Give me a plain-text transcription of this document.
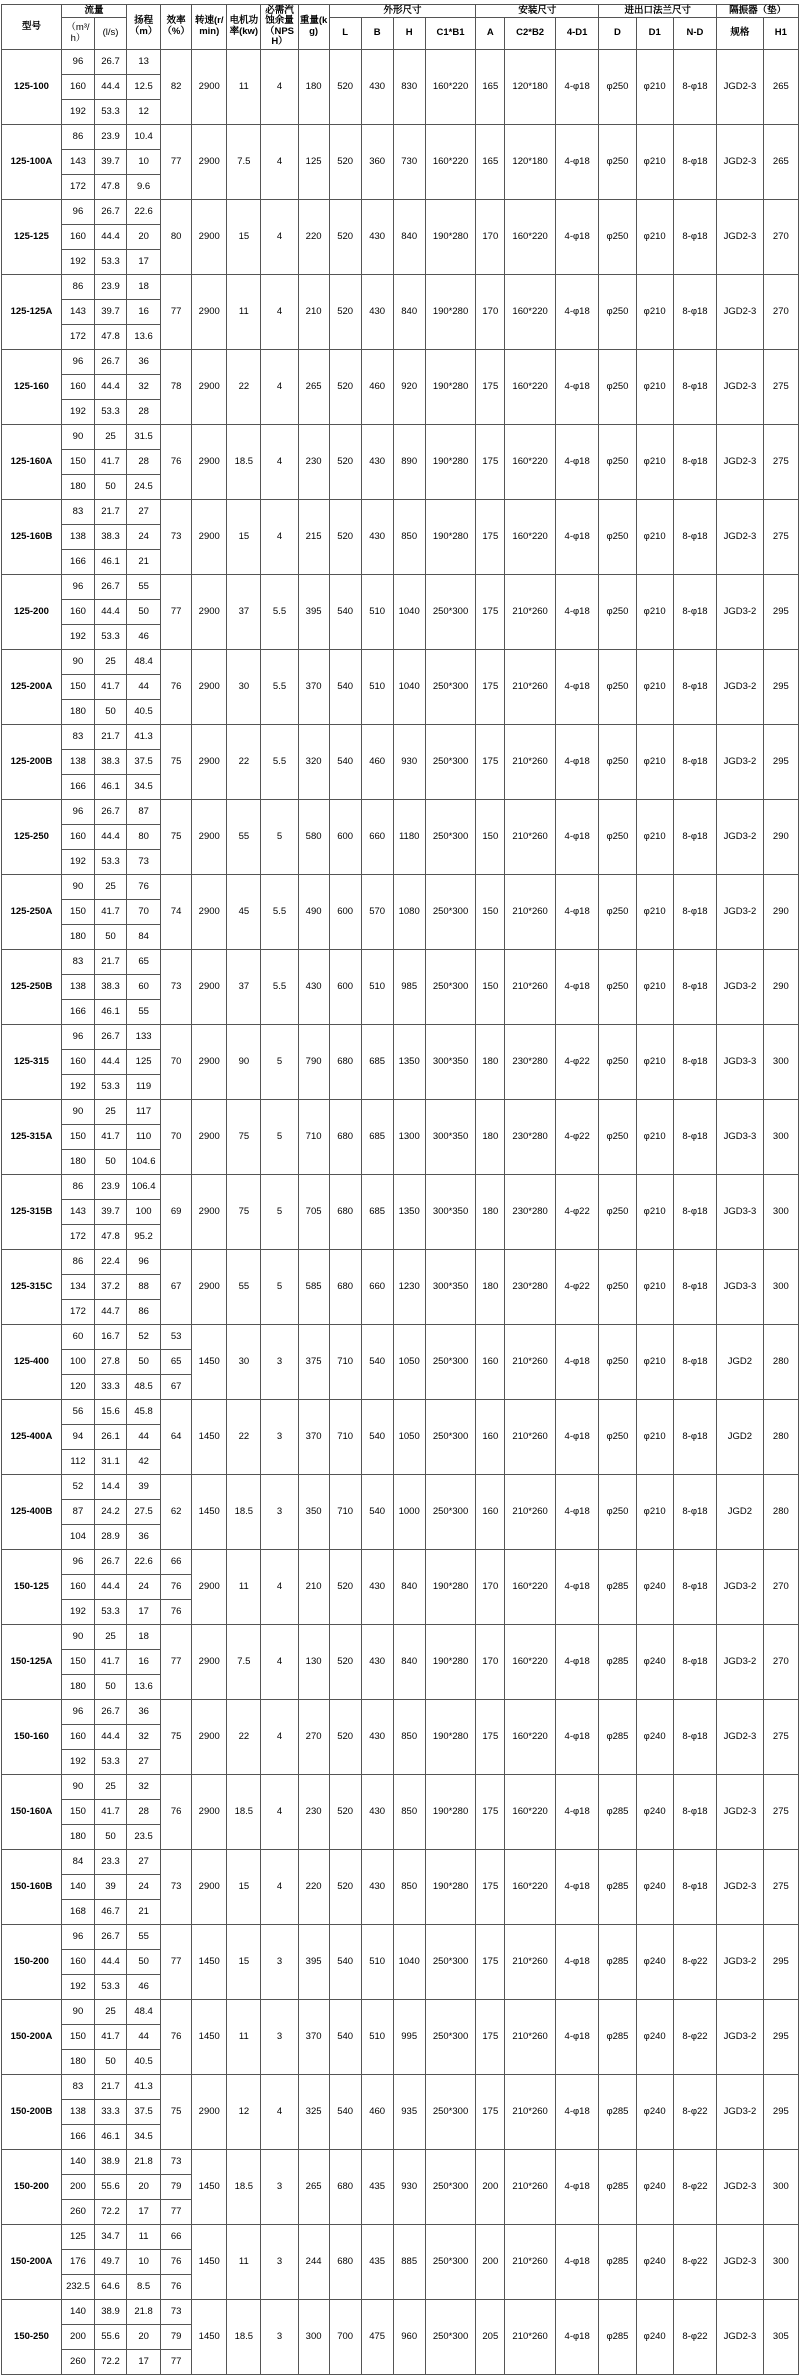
型号	流量		扬程（m）	效率（%）	转速(r/min)	电机功率(kw)	必需汽蚀余量（NPSH）	重量(kg)	外形尺寸				安装尺寸			进出口法兰尺寸			隔振器（垫）	
	（m³/h）	(l/s)							L	B	H	C1*B1	A	C2*B2	4-D1	D	D1	N-D	规格	H1

125-100	96	26.7	13	82	2900	11	4	180	520	430	830	160*220	165	120*180	4-φ18	φ250	φ210	8-φ18	JGD2-3	265
	160	44.4	12.5																	
	192	53.3	12																	
125-100A	86	23.9	10.4	77	2900	7.5	4	125	520	360	730	160*220	165	120*180	4-φ18	φ250	φ210	8-φ18	JGD2-3	265
	143	39.7	10																	
	172	47.8	9.6																	
125-125	96	26.7	22.6	80	2900	15	4	220	520	430	840	190*280	170	160*220	4-φ18	φ250	φ210	8-φ18	JGD2-3	270
	160	44.4	20																	
	192	53.3	17																	
125-125A	86	23.9	18	77	2900	11	4	210	520	430	840	190*280	170	160*220	4-φ18	φ250	φ210	8-φ18	JGD2-3	270
	143	39.7	16																	
	172	47.8	13.6																	
125-160	96	26.7	36	78	2900	22	4	265	520	460	920	190*280	175	160*220	4-φ18	φ250	φ210	8-φ18	JGD2-3	275
	160	44.4	32																	
	192	53.3	28																	
125-160A	90	25	31.5	76	2900	18.5	4	230	520	430	890	190*280	175	160*220	4-φ18	φ250	φ210	8-φ18	JGD2-3	275
	150	41.7	28																	
	180	50	24.5																	
125-160B	83	21.7	27	73	2900	15	4	215	520	430	850	190*280	175	160*220	4-φ18	φ250	φ210	8-φ18	JGD2-3	275
	138	38.3	24																	
	166	46.1	21																	
125-200	96	26.7	55	77	2900	37	5.5	395	540	510	1040	250*300	175	210*260	4-φ18	φ250	φ210	8-φ18	JGD3-2	295
	160	44.4	50																	
	192	53.3	46																	
125-200A	90	25	48.4	76	2900	30	5.5	370	540	510	1040	250*300	175	210*260	4-φ18	φ250	φ210	8-φ18	JGD3-2	295
	150	41.7	44																	
	180	50	40.5																	
125-200B	83	21.7	41.3	75	2900	22	5.5	320	540	460	930	250*300	175	210*260	4-φ18	φ250	φ210	8-φ18	JGD3-2	295
	138	38.3	37.5																	
	166	46.1	34.5																	
125-250	96	26.7	87	75	2900	55	5	580	600	660	1180	250*300	150	210*260	4-φ18	φ250	φ210	8-φ18	JGD3-2	290
	160	44.4	80																	
	192	53.3	73																	
125-250A	90	25	76	74	2900	45	5.5	490	600	570	1080	250*300	150	210*260	4-φ18	φ250	φ210	8-φ18	JGD3-2	290
	150	41.7	70																	
	180	50	84																	
125-250B	83	21.7	65	73	2900	37	5.5	430	600	510	985	250*300	150	210*260	4-φ18	φ250	φ210	8-φ18	JGD3-2	290
	138	38.3	60																	
	166	46.1	55																	
125-315	96	26.7	133	70	2900	90	5	790	680	685	1350	300*350	180	230*280	4-φ22	φ250	φ210	8-φ18	JGD3-3	300
	160	44.4	125																	
	192	53.3	119																	
125-315A	90	25	117	70	2900	75	5	710	680	685	1300	300*350	180	230*280	4-φ22	φ250	φ210	8-φ18	JGD3-3	300
	150	41.7	110																	
	180	50	104.6																	
125-315B	86	23.9	106.4	69	2900	75	5	705	680	685	1350	300*350	180	230*280	4-φ22	φ250	φ210	8-φ18	JGD3-3	300
	143	39.7	100																	
	172	47.8	95.2																	
125-315C	86	22.4	96	67	2900	55	5	585	680	660	1230	300*350	180	230*280	4-φ22	φ250	φ210	8-φ18	JGD3-3	300
	134	37.2	88																	
	172	44.7	86																	
125-400	60	16.7	52	53	1450	30	3	375	710	540	1050	250*300	160	210*260	4-φ18	φ250	φ210	8-φ18	JGD2	280
	100	27.8	50	65																
	120	33.3	48.5	67																
125-400A	56	15.6	45.8	64	1450	22	3	370	710	540	1050	250*300	160	210*260	4-φ18	φ250	φ210	8-φ18	JGD2	280
	94	26.1	44																	
	112	31.1	42																	
125-400B	52	14.4	39	62	1450	18.5	3	350	710	540	1000	250*300	160	210*260	4-φ18	φ250	φ210	8-φ18	JGD2	280
	87	24.2	27.5																	
	104	28.9	36																	
150-125	96	26.7	22.6	66	2900	11	4	210	520	430	840	190*280	170	160*220	4-φ18	φ285	φ240	8-φ18	JGD3-2	270
	160	44.4	24	76																
	192	53.3	17	76																
150-125A	90	25	18	77	2900	7.5	4	130	520	430	840	190*280	170	160*220	4-φ18	φ285	φ240	8-φ18	JGD3-2	270
	150	41.7	16																	
	180	50	13.6																	
150-160	96	26.7	36	75	2900	22	4	270	520	430	850	190*280	175	160*220	4-φ18	φ285	φ240	8-φ18	JGD2-3	275
	160	44.4	32																	
	192	53.3	27																	
150-160A	90	25	32	76	2900	18.5	4	230	520	430	850	190*280	175	160*220	4-φ18	φ285	φ240	8-φ18	JGD2-3	275
	150	41.7	28																	
	180	50	23.5																	
150-160B	84	23.3	27	73	2900	15	4	220	520	430	850	190*280	175	160*220	4-φ18	φ285	φ240	8-φ18	JGD2-3	275
	140	39	24																	
	168	46.7	21																	
150-200	96	26.7	55	77	1450	15	3	395	540	510	1040	250*300	175	210*260	4-φ18	φ285	φ240	8-φ22	JGD3-2	295
	160	44.4	50																	
	192	53.3	46																	
150-200A	90	25	48.4	76	1450	11	3	370	540	510	995	250*300	175	210*260	4-φ18	φ285	φ240	8-φ22	JGD3-2	295
	150	41.7	44																	
	180	50	40.5																	
150-200B	83	21.7	41.3	75	2900	12	4	325	540	460	935	250*300	175	210*260	4-φ18	φ285	φ240	8-φ22	JGD3-2	295
	138	33.3	37.5																	
	166	46.1	34.5																	
150-200	140	38.9	21.8	73	1450	18.5	3	265	680	435	930	250*300	200	210*260	4-φ18	φ285	φ240	8-φ22	JGD2-3	300
	200	55.6	20	79																
	260	72.2	17	77																
150-200A	125	34.7	11	66	1450	11	3	244	680	435	885	250*300	200	210*260	4-φ18	φ285	φ240	8-φ22	JGD2-3	300
	176	49.7	10	76																
	232.5	64.6	8.5	76																
150-250	140	38.9	21.8	73	1450	18.5	3	300	700	475	960	250*300	205	210*260	4-φ18	φ285	φ240	8-φ22	JGD2-3	305
	200	55.6	20	79																
	260	72.2	17	77																
